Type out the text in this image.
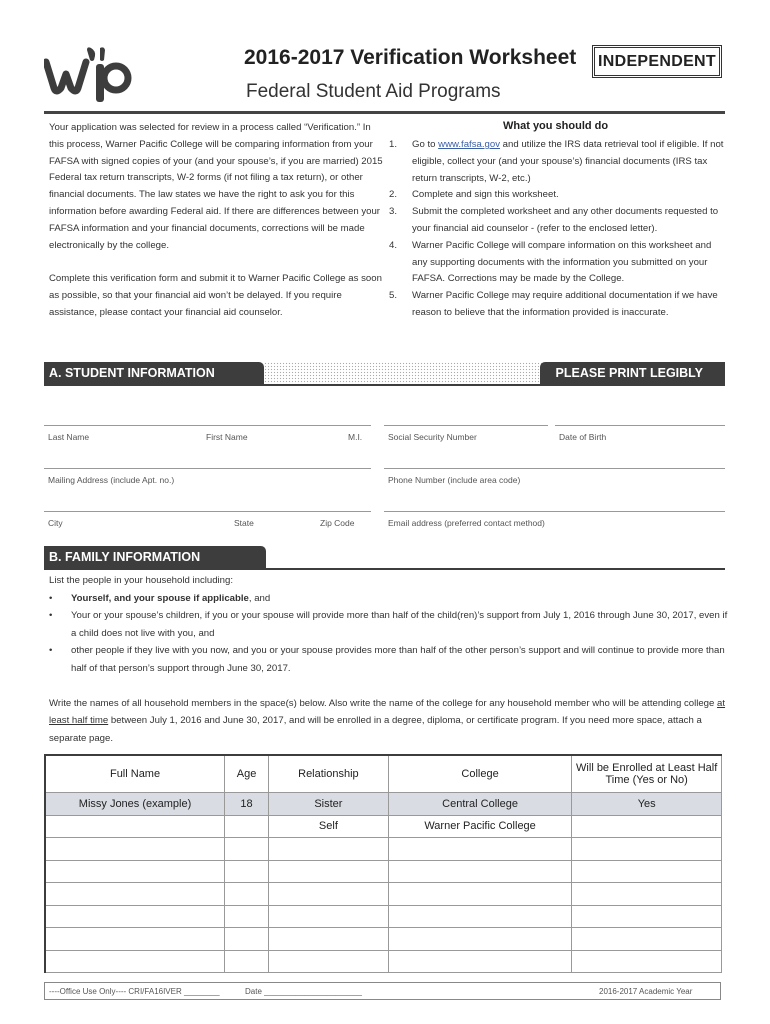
2016-2017 Verification Worksheet
Federal Student Aid Programs
INDEPENDENT

Your application was selected for review in a process called “Verification.” In this process, Warner Pacific College will be comparing information from your FAFSA with signed copies of your (and your spouse’s, if you are married) 2015 Federal tax return transcripts, W-2 forms (if not filing a tax return), or other financial documents. The law states we have the right to ask you for this information before awarding Federal aid. If there are differences between your FAFSA information and your financial documents, corrections will be made electronically by the college.

Complete this verification form and submit it to Warner Pacific College as soon as possible, so that your financial aid won’t be delayed. If you require assistance, please contact your financial aid counselor.

What you should do
1.	Go to www.fafsa.gov and utilize the IRS data retrieval tool if eligible. If not eligible, collect your (and your spouse’s) financial documents (IRS tax return transcripts, W-2, etc.)
2.	Complete and sign this worksheet.
3.	Submit the completed worksheet and any other documents requested to your financial aid counselor - (refer to the enclosed letter).
4.	Warner Pacific College will compare information on this worksheet and any supporting documents with the information you submitted on your FAFSA. Corrections may be made by the College.
5.	Warner Pacific College may require additional documentation if we have reason to believe that the information provided is inaccurate.
A. STUDENT INFORMATION	PLEASE PRINT LEGIBLY
Last Name	First Name	M.I.	Social Security Number	Date of Birth
Mailing Address (include Apt. no.)	Phone Number (include area code)
City	State	Zip Code	Email address (preferred contact method)
B. FAMILY INFORMATION

List the people in your household including:

•	Yourself, and your spouse if applicable, and
•	Your or your spouse’s children, if you or your spouse will provide more than half of the child(ren)’s support from July 1, 2016 through June 30, 2017, even if a child does not live with you, and
•	other people if they live with you now, and you or your spouse provides more than half of the other person’s support and will continue to provide more than half of that person’s support through June 30, 2017.

Write the names of all household members in the space(s) below. Also write the name of the college for any household member who will be attending college at least half time between July 1, 2016 and June 30, 2017, and will be enrolled in a degree, diploma, or certificate program. If you need more space, attach a separate page.

Full Name	Age	Relationship	College	Will be Enrolled at Least Half Time (Yes or No)
Missy Jones (example)	18	Sister	Central College	Yes
		Self	Warner Pacific College	

----Office Use Only---- CRI/FA16IVER ________	Date ______________________	2016-2017 Academic Year
